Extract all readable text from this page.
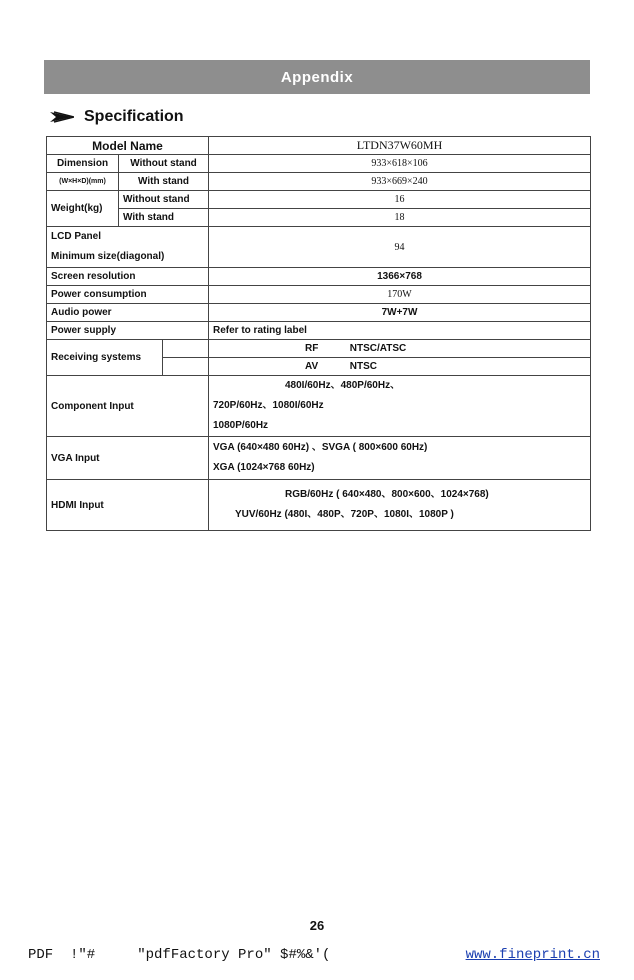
Appendix
Specification
Model Name			LTDN37W60MH
Dimension	Without stand		933×618×106
(W×H×D)(mm)	With stand		933×669×240
Weight(kg)	Without stand		16
	With stand		18

LCD Panel
Minimum size(diagonal)			94
Screen resolution			1366×768
Power consumption			170W
Audio power			7W+7W
Power supply			Refer to rating label
Receiving systems			RF NTSC/ATSC
			AV NTSC
Component Input			480I/60Hz、480P/60Hz、
720P/60Hz、1080I/60Hz
1080P/60Hz

VGA Input			VGA (640×480 60Hz) 、SVGA ( 800×600 60Hz)
XGA (1024×768 60Hz)

HDMI Input			RGB/60Hz ( 640×480、800×600、1024×768)
YUV/60Hz (480I、480P、720P、1080I、1080P )
26
PDF  !"#     "pdfFactory Pro" $#%&'(	www.fineprint.cn
